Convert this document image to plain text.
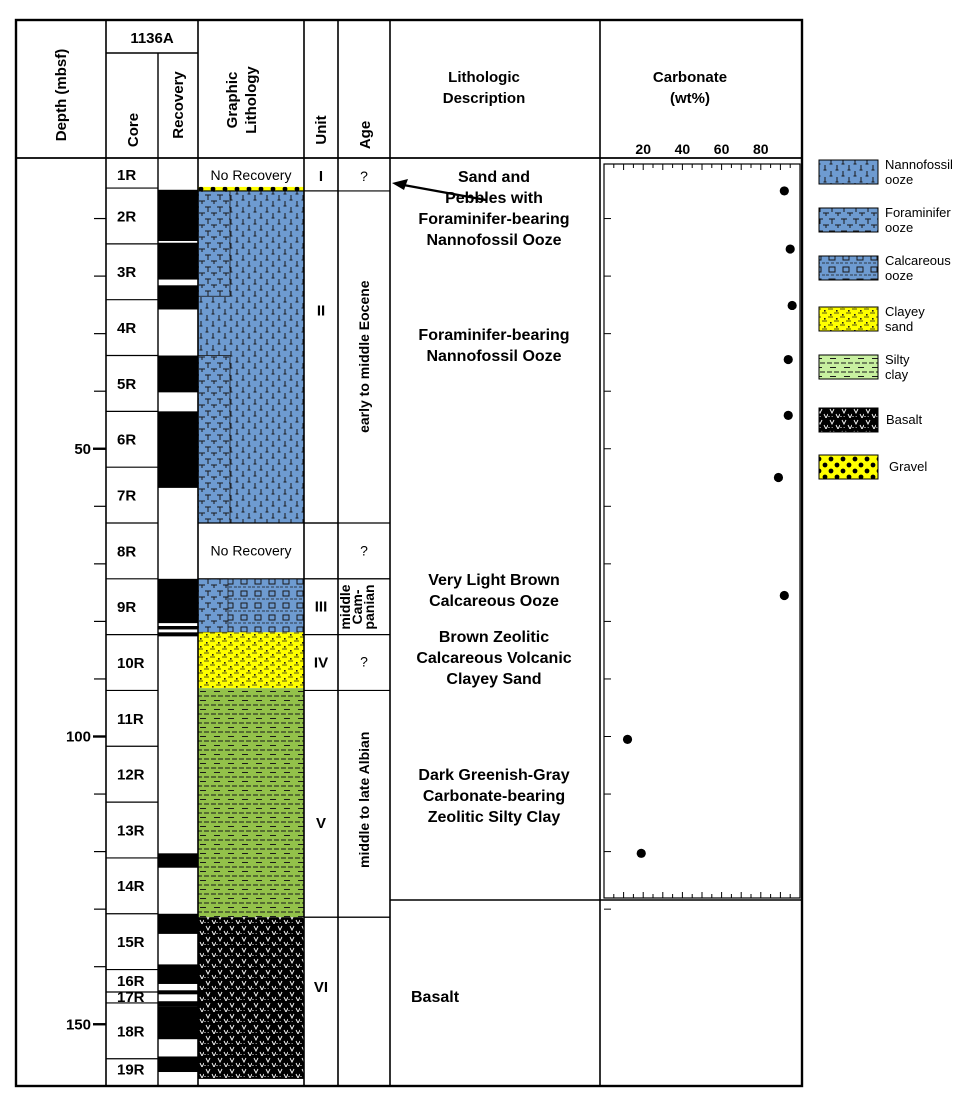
1136A
Depth (mbsf)	Core Recovery Graphic Lithology	Unit Age
Lithologic
Description
Carbonate
(wt%)
50
100
150
1R
2R
3R
4R
5R
6R
7R
8R
9R
10R
11R
12R
13R
14R
15R
16R
17R
18R
19R
No Recovery
No Recovery
I
II
III
IV
V
VI
?
early to middle Eocene
?
middle
Cam-
panian
?
middle to late Albian
Sand and
Pebbles with
Foraminifer-bearing
Nannofossil Ooze
Foraminifer-bearing
Nannofossil Ooze
Very Light Brown
Calcareous Ooze
Brown Zeolitic
Calcareous Volcanic
Clayey Sand
Dark Greenish-Gray
Carbonate-bearing
Zeolitic Silty Clay
Basalt
20 40 60 80
Nannofossil
ooze
Foraminifer
ooze
Calcareous
ooze
Clayey
sand
Silty
clay
Basalt
Gravel
